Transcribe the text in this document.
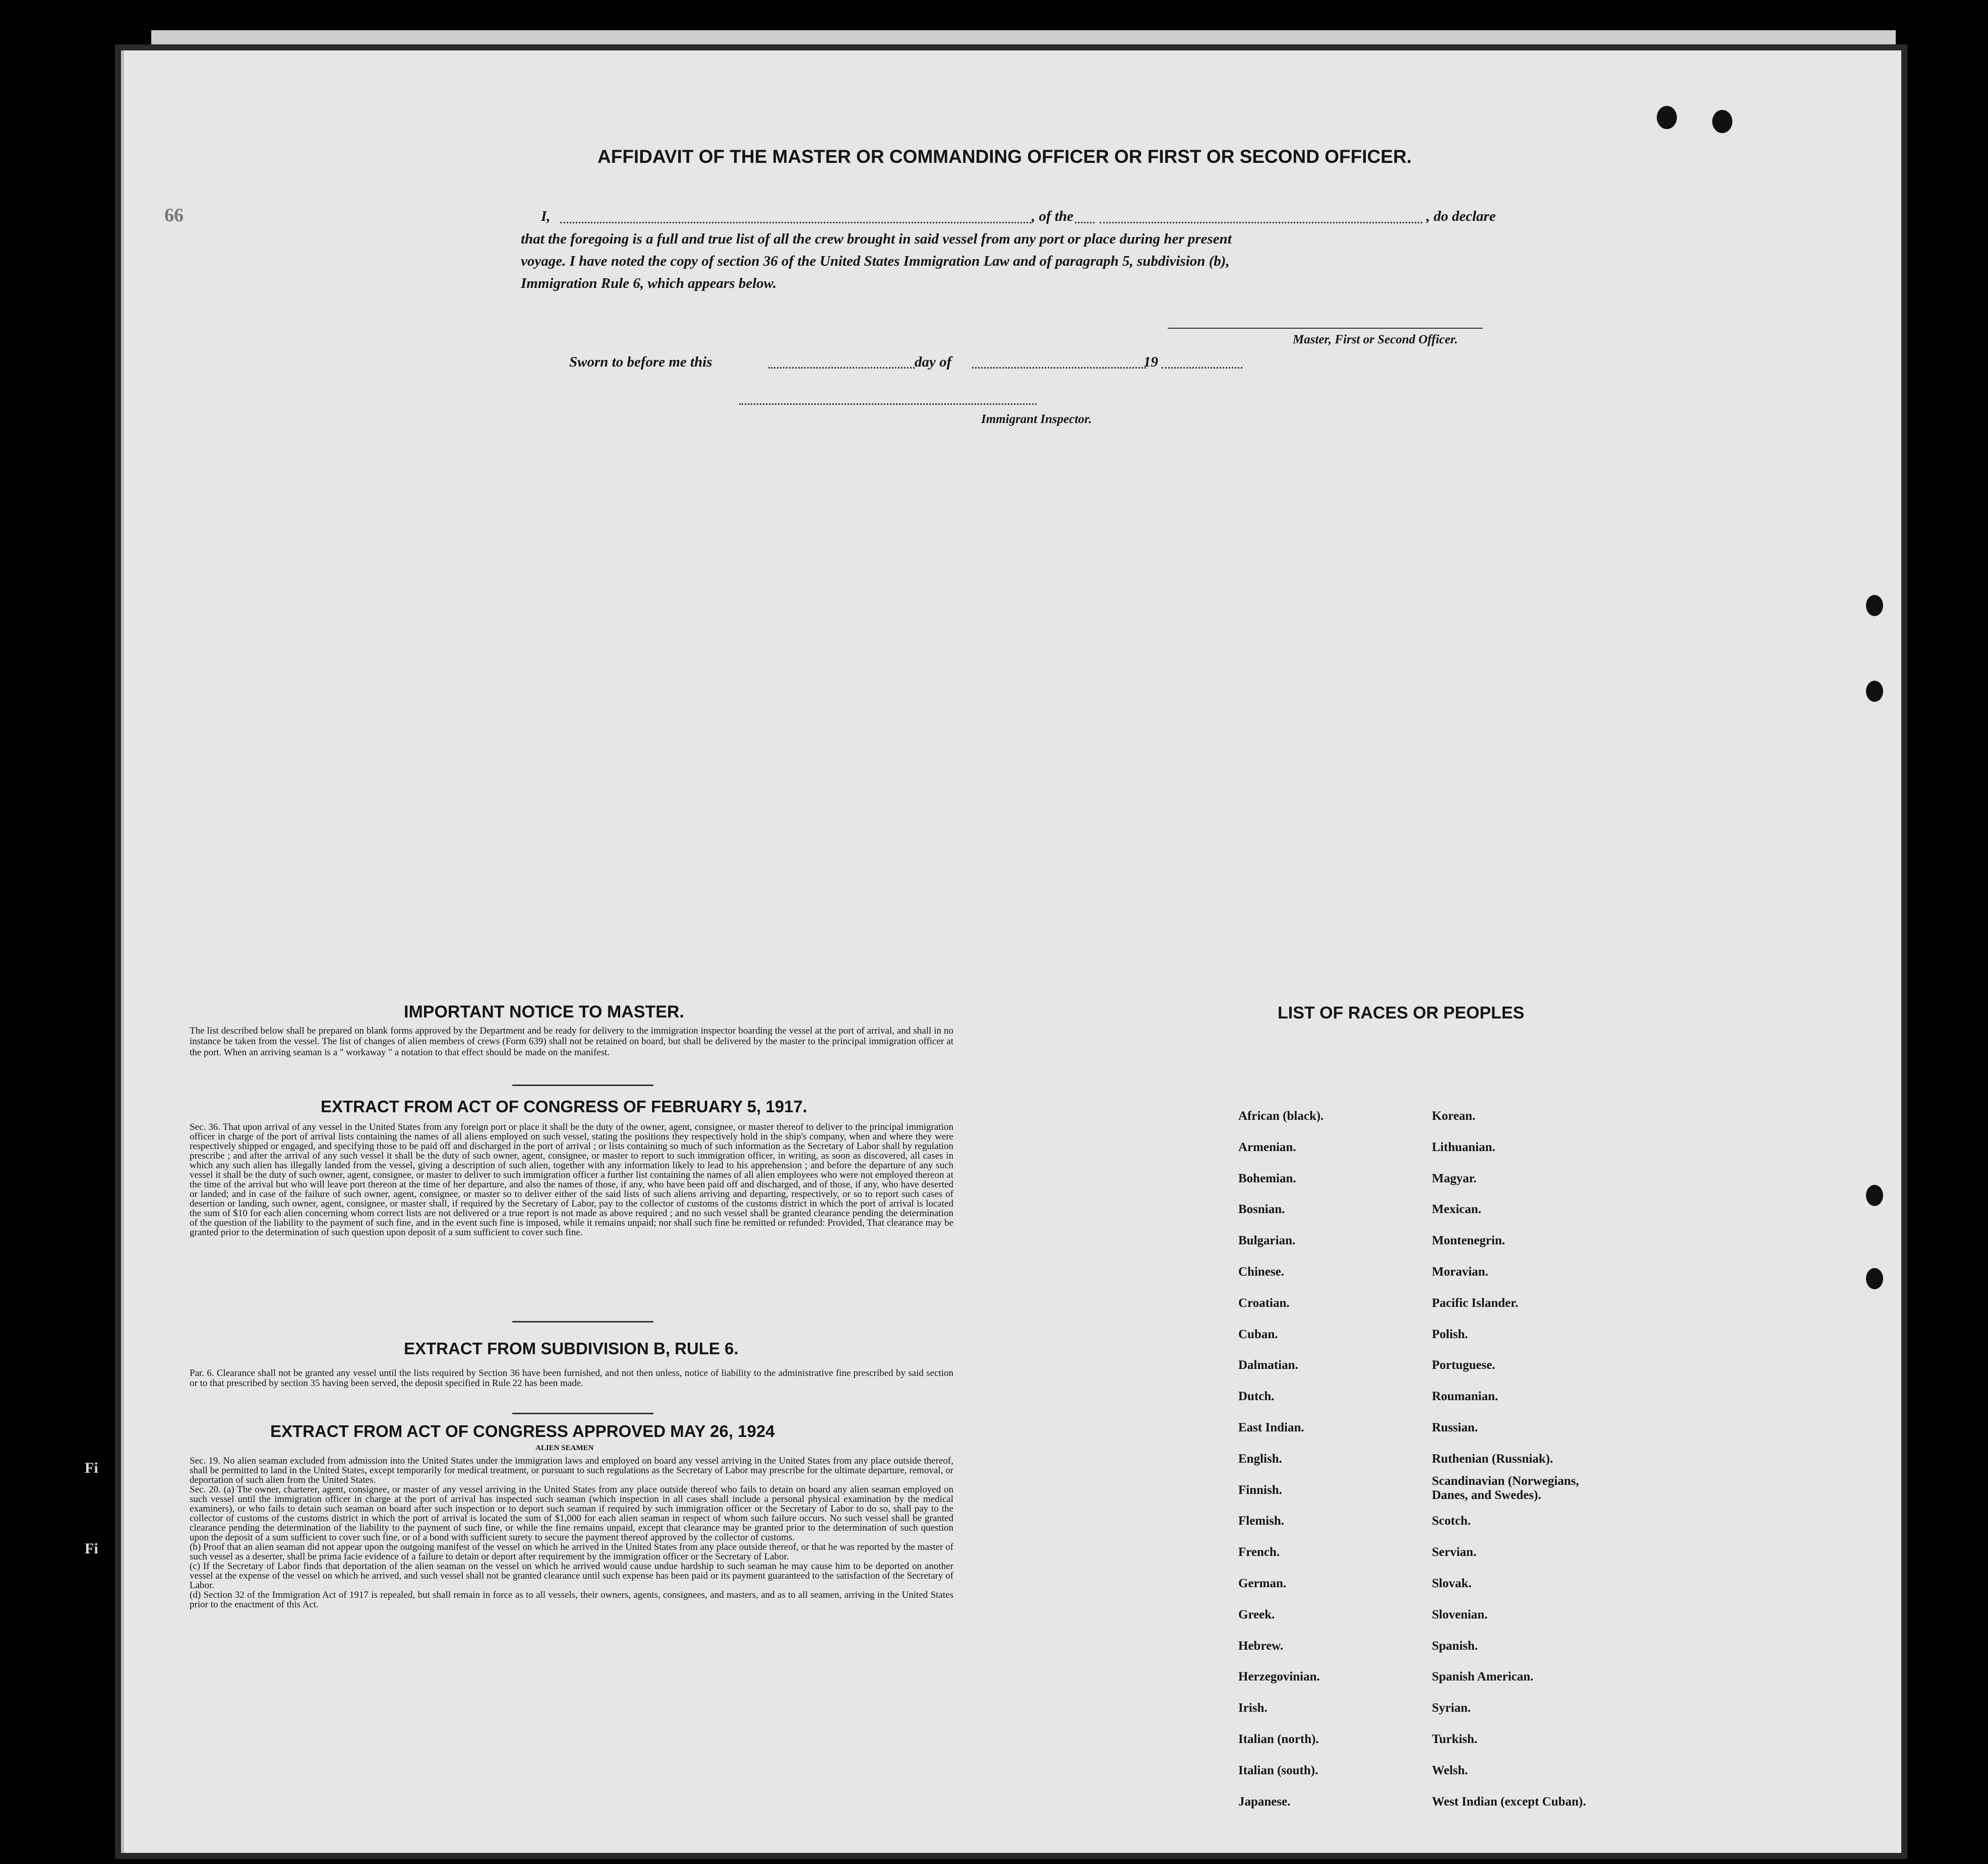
66
Fi
Fi
AFFIDAVIT OF THE MASTER OR COMMANDING OFFICER OR FIRST OR SECOND OFFICER.
I,	, of the	, do declare
that the foregoing is a full and true list of all the crew brought in said vessel from any port or place during her present
voyage. I have noted the copy of section 36 of the United States Immigration Law and of paragraph 5, subdivision (b),
Immigration Rule 6, which appears below.
Master, First or Second Officer.
Sworn to before me this	day of	19
Immigrant Inspector.
IMPORTANT NOTICE TO MASTER.
The list described below shall be prepared on blank forms approved by the Department and be ready for delivery to the immigration inspector boarding the vessel at the port of arrival, and shall in no instance be taken from the vessel. The list of changes of alien members of crews (Form 639) shall not be retained on board, but shall be delivered by the master to the principal immigration officer at the port. When an arriving seaman is a " workaway " a notation to that effect should be made on the manifest.
EXTRACT FROM ACT OF CONGRESS OF FEBRUARY 5, 1917.
Sec. 36. That upon arrival of any vessel in the United States from any foreign port or place it shall be the duty of the owner, agent, consignee, or master thereof to deliver to the principal immigration officer in charge of the port of arrival lists containing the names of all aliens employed on such vessel, stating the positions they respectively hold in the ship's company, when and where they were respectively shipped or engaged, and specifying those to be paid off and discharged in the port of arrival ; or lists containing so much of such information as the Secretary of Labor shall by regulation prescribe ; and after the arrival of any such vessel it shall be the duty of such owner, agent, consignee, or master to report to such immigration officer, in writing, as soon as discovered, all cases in which any such alien has illegally landed from the vessel, giving a description of such alien, together with any information likely to lead to his apprehension ; and before the departure of any such vessel it shall be the duty of such owner, agent, consignee, or master to deliver to such immigration officer a further list containing the names of all alien employees who were not employed thereon at the time of the arrival but who will leave port thereon at the time of her departure, and also the names of those, if any, who have been paid off and discharged, and of those, if any, who have deserted or landed; and in case of the failure of such owner, agent, consignee, or master so to deliver either of the said lists of such aliens arriving and departing, respectively, or so to report such cases of desertion or landing, such owner, agent, consignee, or master shall, if required by the Secretary of Labor, pay to the collector of customs of the customs district in which the port of arrival is located the sum of $10 for each alien concerning whom correct lists are not delivered or a true report is not made as above required ; and no such vessel shall be granted clearance pending the determination of the question of the liability to the payment of such fine, and in the event such fine is imposed, while it remains unpaid; nor shall such fine be remitted or refunded: Provided, That clearance may be granted prior to the determination of such question upon deposit of a sum sufficient to cover such fine.
EXTRACT FROM SUBDIVISION B, RULE 6.
Par. 6. Clearance shall not be granted any vessel until the lists required by Section 36 have been furnished, and not then unless, notice of liability to the administrative fine prescribed by said section or to that prescribed by section 35 having been served, the deposit specified in Rule 22 has been made.
EXTRACT FROM ACT OF CONGRESS APPROVED MAY 26, 1924
ALIEN SEAMEN
Sec. 19. No alien seaman excluded from admission into the United States under the immigration laws and employed on board any vessel arriving in the United States from any place outside thereof, shall be permitted to land in the United States, except temporarily for medical treatment, or pursuant to such regulations as the Secretary of Labor may prescribe for the ultimate departure, removal, or deportation of such alien from the United States.
Sec. 20. (a) The owner, charterer, agent, consignee, or master of any vessel arriving in the United States from any place outside thereof who fails to detain on board any alien seaman employed on such vessel until the immigration officer in charge at the port of arrival has inspected such seaman (which inspection in all cases shall include a personal physical examination by the medical examiners), or who fails to detain such seaman on board after such inspection or to deport such seaman if required by such immigration officer or the Secretary of Labor to do so, shall pay to the collector of customs of the customs district in which the port of arrival is located the sum of $1,000 for each alien seaman in respect of whom such failure occurs. No such vessel shall be granted clearance pending the determination of the liability to the payment of such fine, or while the fine remains unpaid, except that clearance may be granted prior to the determination of such question upon the deposit of a sum sufficient to cover such fine, or of a bond with sufficient surety to secure the payment thereof approved by the collector of customs.
(b) Proof that an alien seaman did not appear upon the outgoing manifest of the vessel on which he arrived in the United States from any place outside thereof, or that he was reported by the master of such vessel as a deserter, shall be prima facie evidence of a failure to detain or deport after requirement by the immigration officer or the Secretary of Labor.
(c) If the Secretary of Labor finds that deportation of the alien seaman on the vessel on which he arrived would cause undue hardship to such seaman he may cause him to be deported on another vessel at the expense of the vessel on which he arrived, and such vessel shall not be granted clearance until such expense has been paid or its payment guaranteed to the satisfaction of the Secretary of Labor.
(d) Section 32 of the Immigration Act of 1917 is repealed, but shall remain in force as to all vessels, their owners, agents, consignees, and masters, and as to all seamen, arriving in the United States prior to the enactment of this Act.
LIST OF RACES OR PEOPLES
African (black).
Armenian.
Bohemian.
Bosnian.
Bulgarian.
Chinese.
Croatian.
Cuban.
Dalmatian.
Dutch.
East Indian.
English.
Finnish.
Flemish.
French.
German.
Greek.
Hebrew.
Herzegovinian.
Irish.
Italian (north).
Italian (south).
Japanese.
Korean.
Lithuanian.
Magyar.
Mexican.
Montenegrin.
Moravian.
Pacific Islander.
Polish.
Portuguese.
Roumanian.
Russian.
Ruthenian (Russniak).
Scandinavian (Norwegians, Danes, and Swedes).
Scotch.
Servian.
Slovak.
Slovenian.
Spanish.
Spanish American.
Syrian.
Turkish.
Welsh.
West Indian (except Cuban).
